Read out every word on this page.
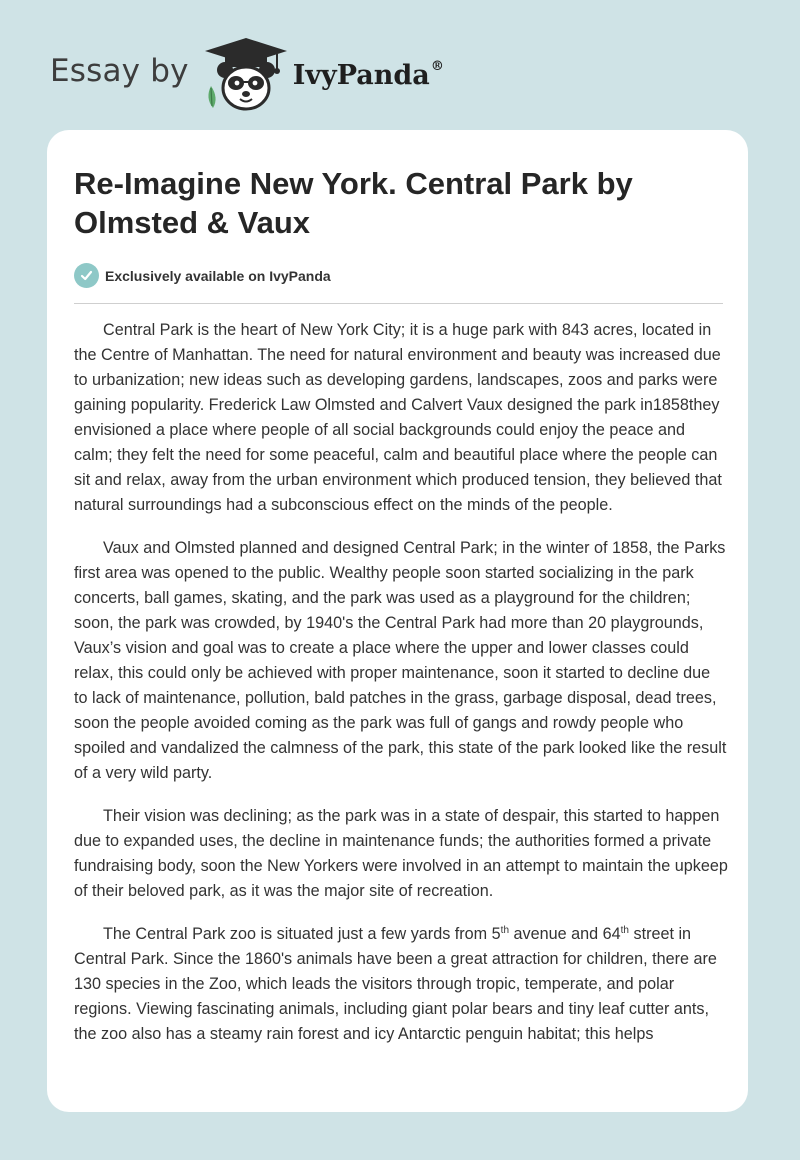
Essay by	IvyPanda®
Re-Imagine New York. Central Park by Olmsted & Vaux
Exclusively available on IvyPanda

Central Park is the heart of New York City; it is a huge park with 843 acres, located in the Centre of Manhattan. The need for natural environment and beauty was increased due to urbanization; new ideas such as developing gardens, landscapes, zoos and parks were gaining popularity. Frederick Law Olmsted and Calvert Vaux designed the park in1858they envisioned a place where people of all social backgrounds could enjoy the peace and calm; they felt the need for some peaceful, calm and beautiful place where the people can sit and relax, away from the urban environment which produced tension, they believed that natural surroundings had a subconscious effect on the minds of the people.

Vaux and Olmsted planned and designed Central Park; in the winter of 1858, the Parks first area was opened to the public. Wealthy people soon started socializing in the park concerts, ball games, skating, and the park was used as a playground for the children; soon, the park was crowded, by 1940's the Central Park had more than 20 playgrounds, Vaux’s vision and goal was to create a place where the upper and lower classes could relax, this could only be achieved with proper maintenance, soon it started to decline due to lack of maintenance, pollution, bald patches in the grass, garbage disposal, dead trees, soon the people avoided coming as the park was full of gangs and rowdy people who spoiled and vandalized the calmness of the park, this state of the park looked like the result of a very wild party.

Their vision was declining; as the park was in a state of despair, this started to happen due to expanded uses, the decline in maintenance funds; the authorities formed a private fundraising body, soon the New Yorkers were involved in an attempt to maintain the upkeep of their beloved park, as it was the major site of recreation.

The Central Park zoo is situated just a few yards from 5th avenue and 64th street in Central Park. Since the 1860's animals have been a great attraction for children, there are 130 species in the Zoo, which leads the visitors through tropic, temperate, and polar regions. Viewing fascinating animals, including giant polar bears and tiny leaf cutter ants, the zoo also has a steamy rain forest and icy Antarctic penguin habitat; this helps
